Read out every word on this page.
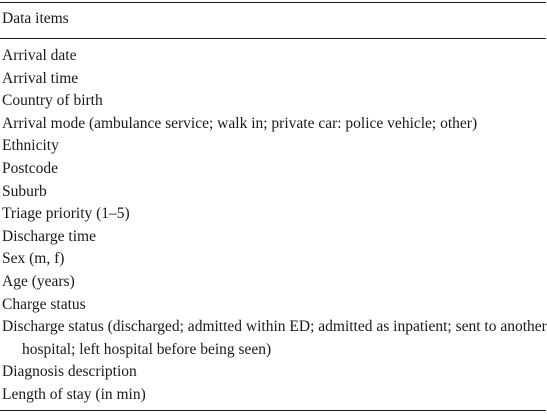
Data items
Arrival date
Arrival time
Country of birth
Arrival mode (ambulance service; walk in; private car: police vehicle; other)
Ethnicity
Postcode
Suburb
Triage priority (1–5)
Discharge time
Sex (m, f)
Age (years)
Charge status
Discharge status (discharged; admitted within ED; admitted as inpatient; sent to another hospital; left hospital before being seen)
Diagnosis description
Length of stay (in min)
